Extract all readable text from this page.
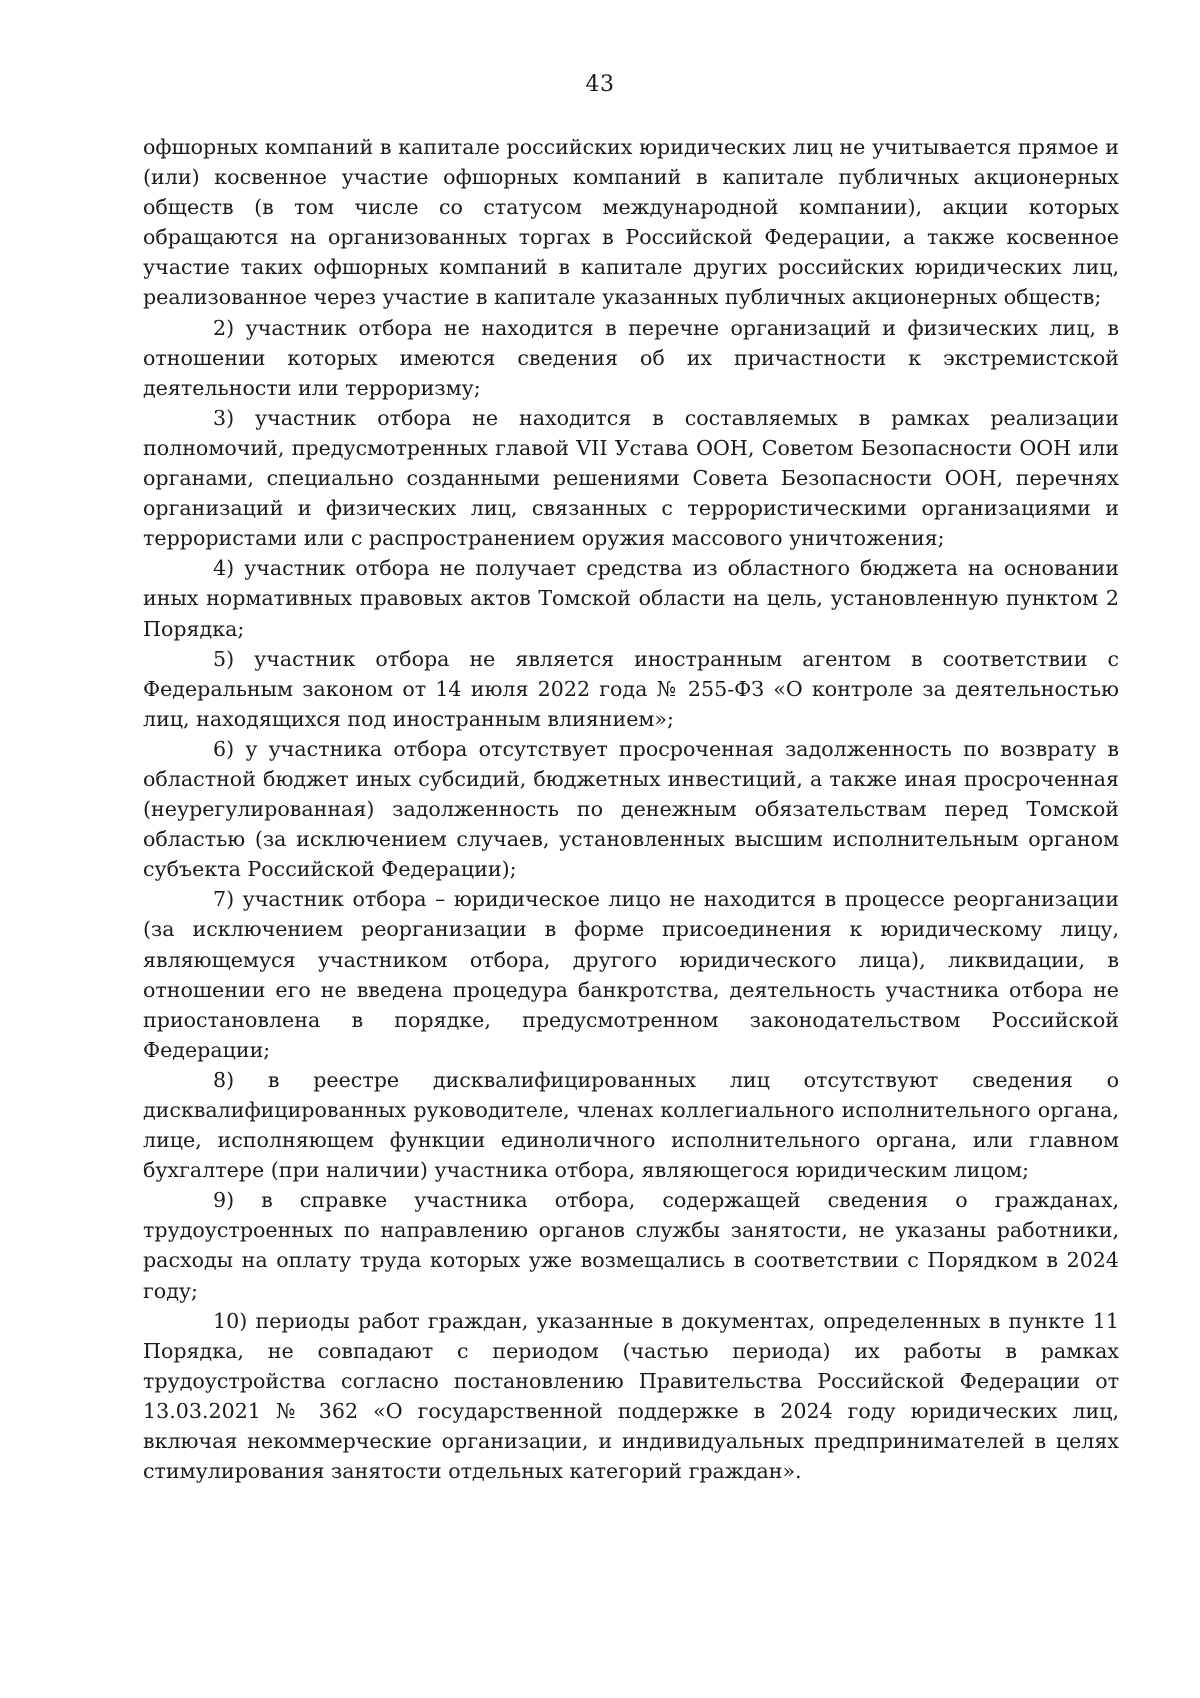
43

офшорных компаний в капитале российских юридических лиц не учитывается прямое и (или) косвенное участие офшорных компаний в капитале публичных акционерных обществ (в том числе со статусом международной компании), акции которых обращаются на организованных торгах в Российской Федерации, а также косвенное участие таких офшорных компаний в капитале других российских юридических лиц, реализованное через участие в капитале указанных публичных акционерных обществ;

2) участник отбора не находится в перечне организаций и физических лиц, в отношении которых имеются сведения об их причастности к экстремистской деятельности или терроризму;

3) участник отбора не находится в составляемых в рамках реализации полномочий, предусмотренных главой VII Устава ООН, Советом Безопасности ООН или органами, специально созданными решениями Совета Безопасности ООН, перечнях организаций и физических лиц, связанных с террористическими организациями и террористами или с распространением оружия массового уничтожения;

4) участник отбора не получает средства из областного бюджета на основании иных нормативных правовых актов Томской области на цель, установленную пунктом 2 Порядка;

5) участник отбора не является иностранным агентом в соответствии с Федеральным законом от 14 июля 2022 года № 255-ФЗ «О контроле за деятельностью лиц, находящихся под иностранным влиянием»;

6) у участника отбора отсутствует просроченная задолженность по возврату в областной бюджет иных субсидий, бюджетных инвестиций, а также иная просроченная (неурегулированная) задолженность по денежным обязательствам перед Томской областью (за исключением случаев, установленных высшим исполнительным органом субъекта Российской Федерации);

7) участник отбора – юридическое лицо не находится в процессе реорганизации (за исключением реорганизации в форме присоединения к юридическому лицу, являющемуся участником отбора, другого юридического лица), ликвидации, в отношении его не введена процедура банкротства, деятельность участника отбора не приостановлена в порядке, предусмотренном законодательством Российской Федерации;

8) в реестре дисквалифицированных лиц отсутствуют сведения о дисквалифицированных руководителе, членах коллегиального исполнительного органа, лице, исполняющем функции единоличного исполнительного органа, или главном бухгалтере (при наличии) участника отбора, являющегося юридическим лицом;

9) в справке участника отбора, содержащей сведения о гражданах, трудоустроенных по направлению органов службы занятости, не указаны работники, расходы на оплату труда которых уже возмещались в соответствии с Порядком в 2024 году;

10) периоды работ граждан, указанные в документах, определенных в пункте 11 Порядка, не совпадают с периодом (частью периода) их работы в рамках трудоустройства согласно постановлению Правительства Российской Федерации от 13.03.2021 № 362 «О государственной поддержке в 2024 году юридических лиц, включая некоммерческие организации, и индивидуальных предпринимателей в целях стимулирования занятости отдельных категорий граждан».
